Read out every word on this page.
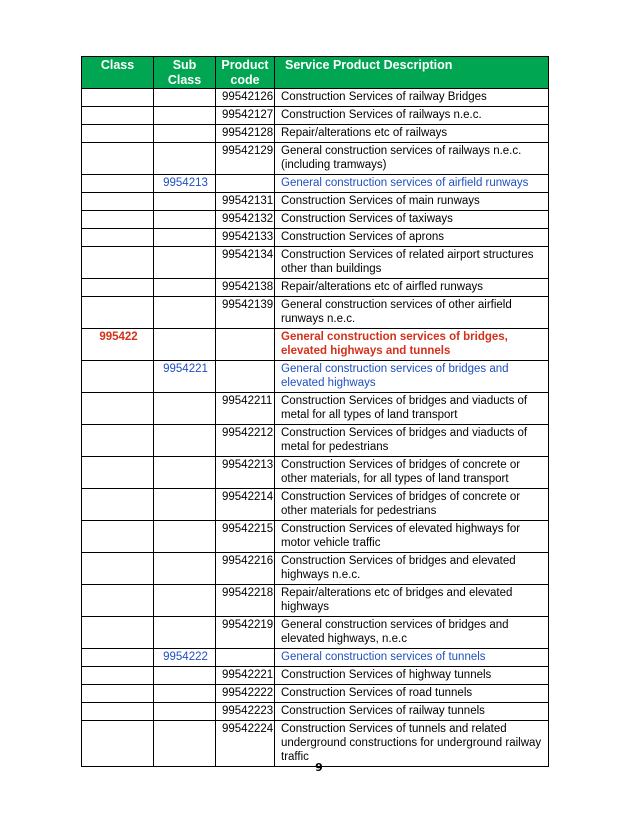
Class	Sub Class	Product code	Service Product Description
		99542126	Construction Services of railway Bridges
		99542127	Construction Services of railways n.e.c.
		99542128	Repair/alterations etc of railways
		99542129	General construction services of railways n.e.c. (including tramways)
	9954213		General construction services of airfield runways
		99542131	Construction Services of main runways
		99542132	Construction Services of taxiways
		99542133	Construction Services of aprons
		99542134	Construction Services of related airport structures other than buildings
		99542138	Repair/alterations etc of airfled runways
		99542139	General construction services of other airfield runways n.e.c.
995422			General construction services of bridges, elevated highways and tunnels
	9954221		General construction services of bridges and elevated highways
		99542211	Construction Services of bridges and viaducts of metal for all types of land transport
		99542212	Construction Services of bridges and viaducts of metal for pedestrians
		99542213	Construction Services of bridges of concrete or other materials, for all types of land transport
		99542214	Construction Services of bridges of concrete or other materials for pedestrians
		99542215	Construction Services of elevated highways for motor vehicle traffic
		99542216	Construction Services of bridges and elevated highways n.e.c.
		99542218	Repair/alterations etc of bridges and elevated highways
		99542219	General construction services of bridges and elevated highways, n.e.c
	9954222		General construction services of tunnels
		99542221	Construction Services of highway tunnels
		99542222	Construction Services of road tunnels
		99542223	Construction Services of railway tunnels
		99542224	Construction Services of tunnels and related underground constructions for underground railway traffic
9
